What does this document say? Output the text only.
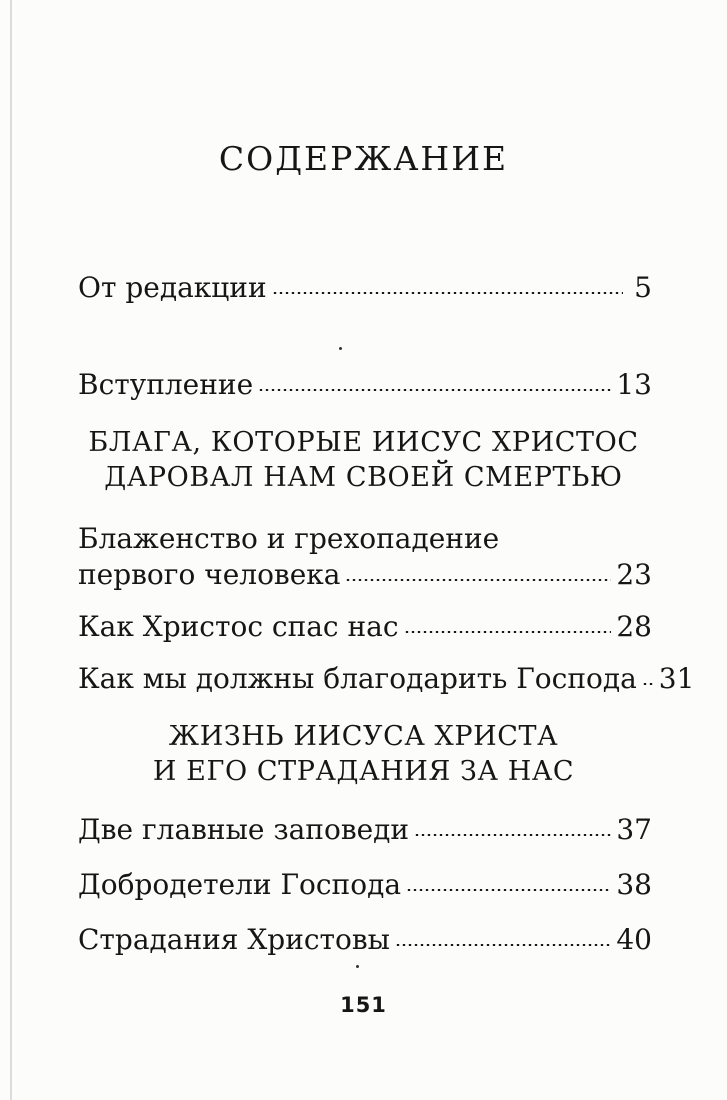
СОДЕРЖАНИЕ
От редакции	5
Вступление	13
БЛАГА, КОТОРЫЕ ИИСУС ХРИСТОС
ДАРОВАЛ НАМ СВОЕЙ СМЕРТЬЮ
Блаженство и грехопадение
первого человека	23
Как Христос спас нас	28
Как мы должны благодарить Господа 31
ЖИЗНЬ ИИСУСА ХРИСТА
И ЕГО СТРАДАНИЯ ЗА НАС
Две главные заповеди	37
Добродетели Господа	38
Страдания Христовы	40
151
